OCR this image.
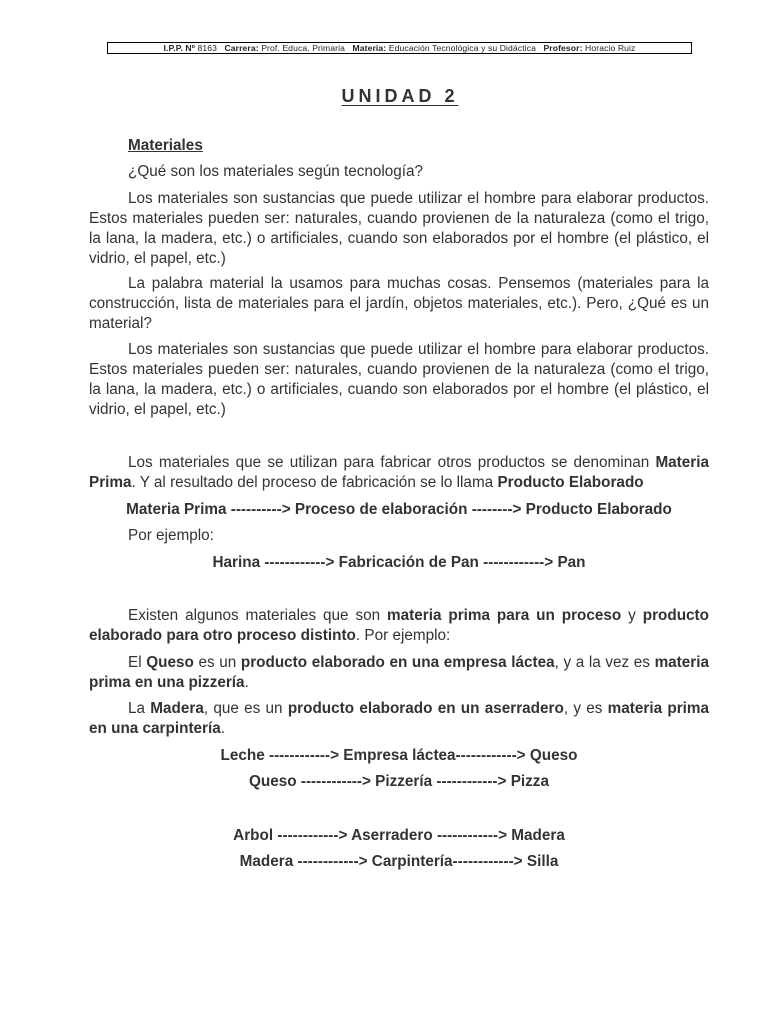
I.P.P. Nº 8163 Carrera: Prof. Educa. Primaria Materia: Educación Tecnológica y su Didáctica Profesor: Horacio Ruiz
UNIDAD 2
Materiales

¿Qué son los materiales según tecnología?

Los materiales son sustancias que puede utilizar el hombre para elaborar productos. Estos materiales pueden ser: naturales, cuando provienen de la naturaleza (como el trigo, la lana, la madera, etc.) o artificiales, cuando son elaborados por el hombre (el plástico, el vidrio, el papel, etc.)

La palabra material la usamos para muchas cosas. Pensemos (materiales para la construcción, lista de materiales para el jardín, objetos materiales, etc.). Pero, ¿Qué es un material?

Los materiales son sustancias que puede utilizar el hombre para elaborar productos. Estos materiales pueden ser: naturales, cuando provienen de la naturaleza (como el trigo, la lana, la madera, etc.) o artificiales, cuando son elaborados por el hombre (el plástico, el vidrio, el papel, etc.)

Los materiales que se utilizan para fabricar otros productos se denominan Materia Prima. Y al resultado del proceso de fabricación se lo llama Producto Elaborado

Materia Prima ----------> Proceso de elaboración --------> Producto Elaborado

Por ejemplo:

Harina ------------> Fabricación de Pan ------------> Pan

Existen algunos materiales que son materia prima para un proceso y producto elaborado para otro proceso distinto. Por ejemplo:

El Queso es un producto elaborado en una empresa láctea, y a la vez es materia prima en una pizzería.

La Madera, que es un producto elaborado en un aserradero, y es materia prima en una carpintería.

Leche ------------> Empresa láctea------------> Queso

Queso ------------> Pizzería ------------> Pizza

Arbol ------------> Aserradero ------------> Madera

Madera ------------> Carpintería------------> Silla
